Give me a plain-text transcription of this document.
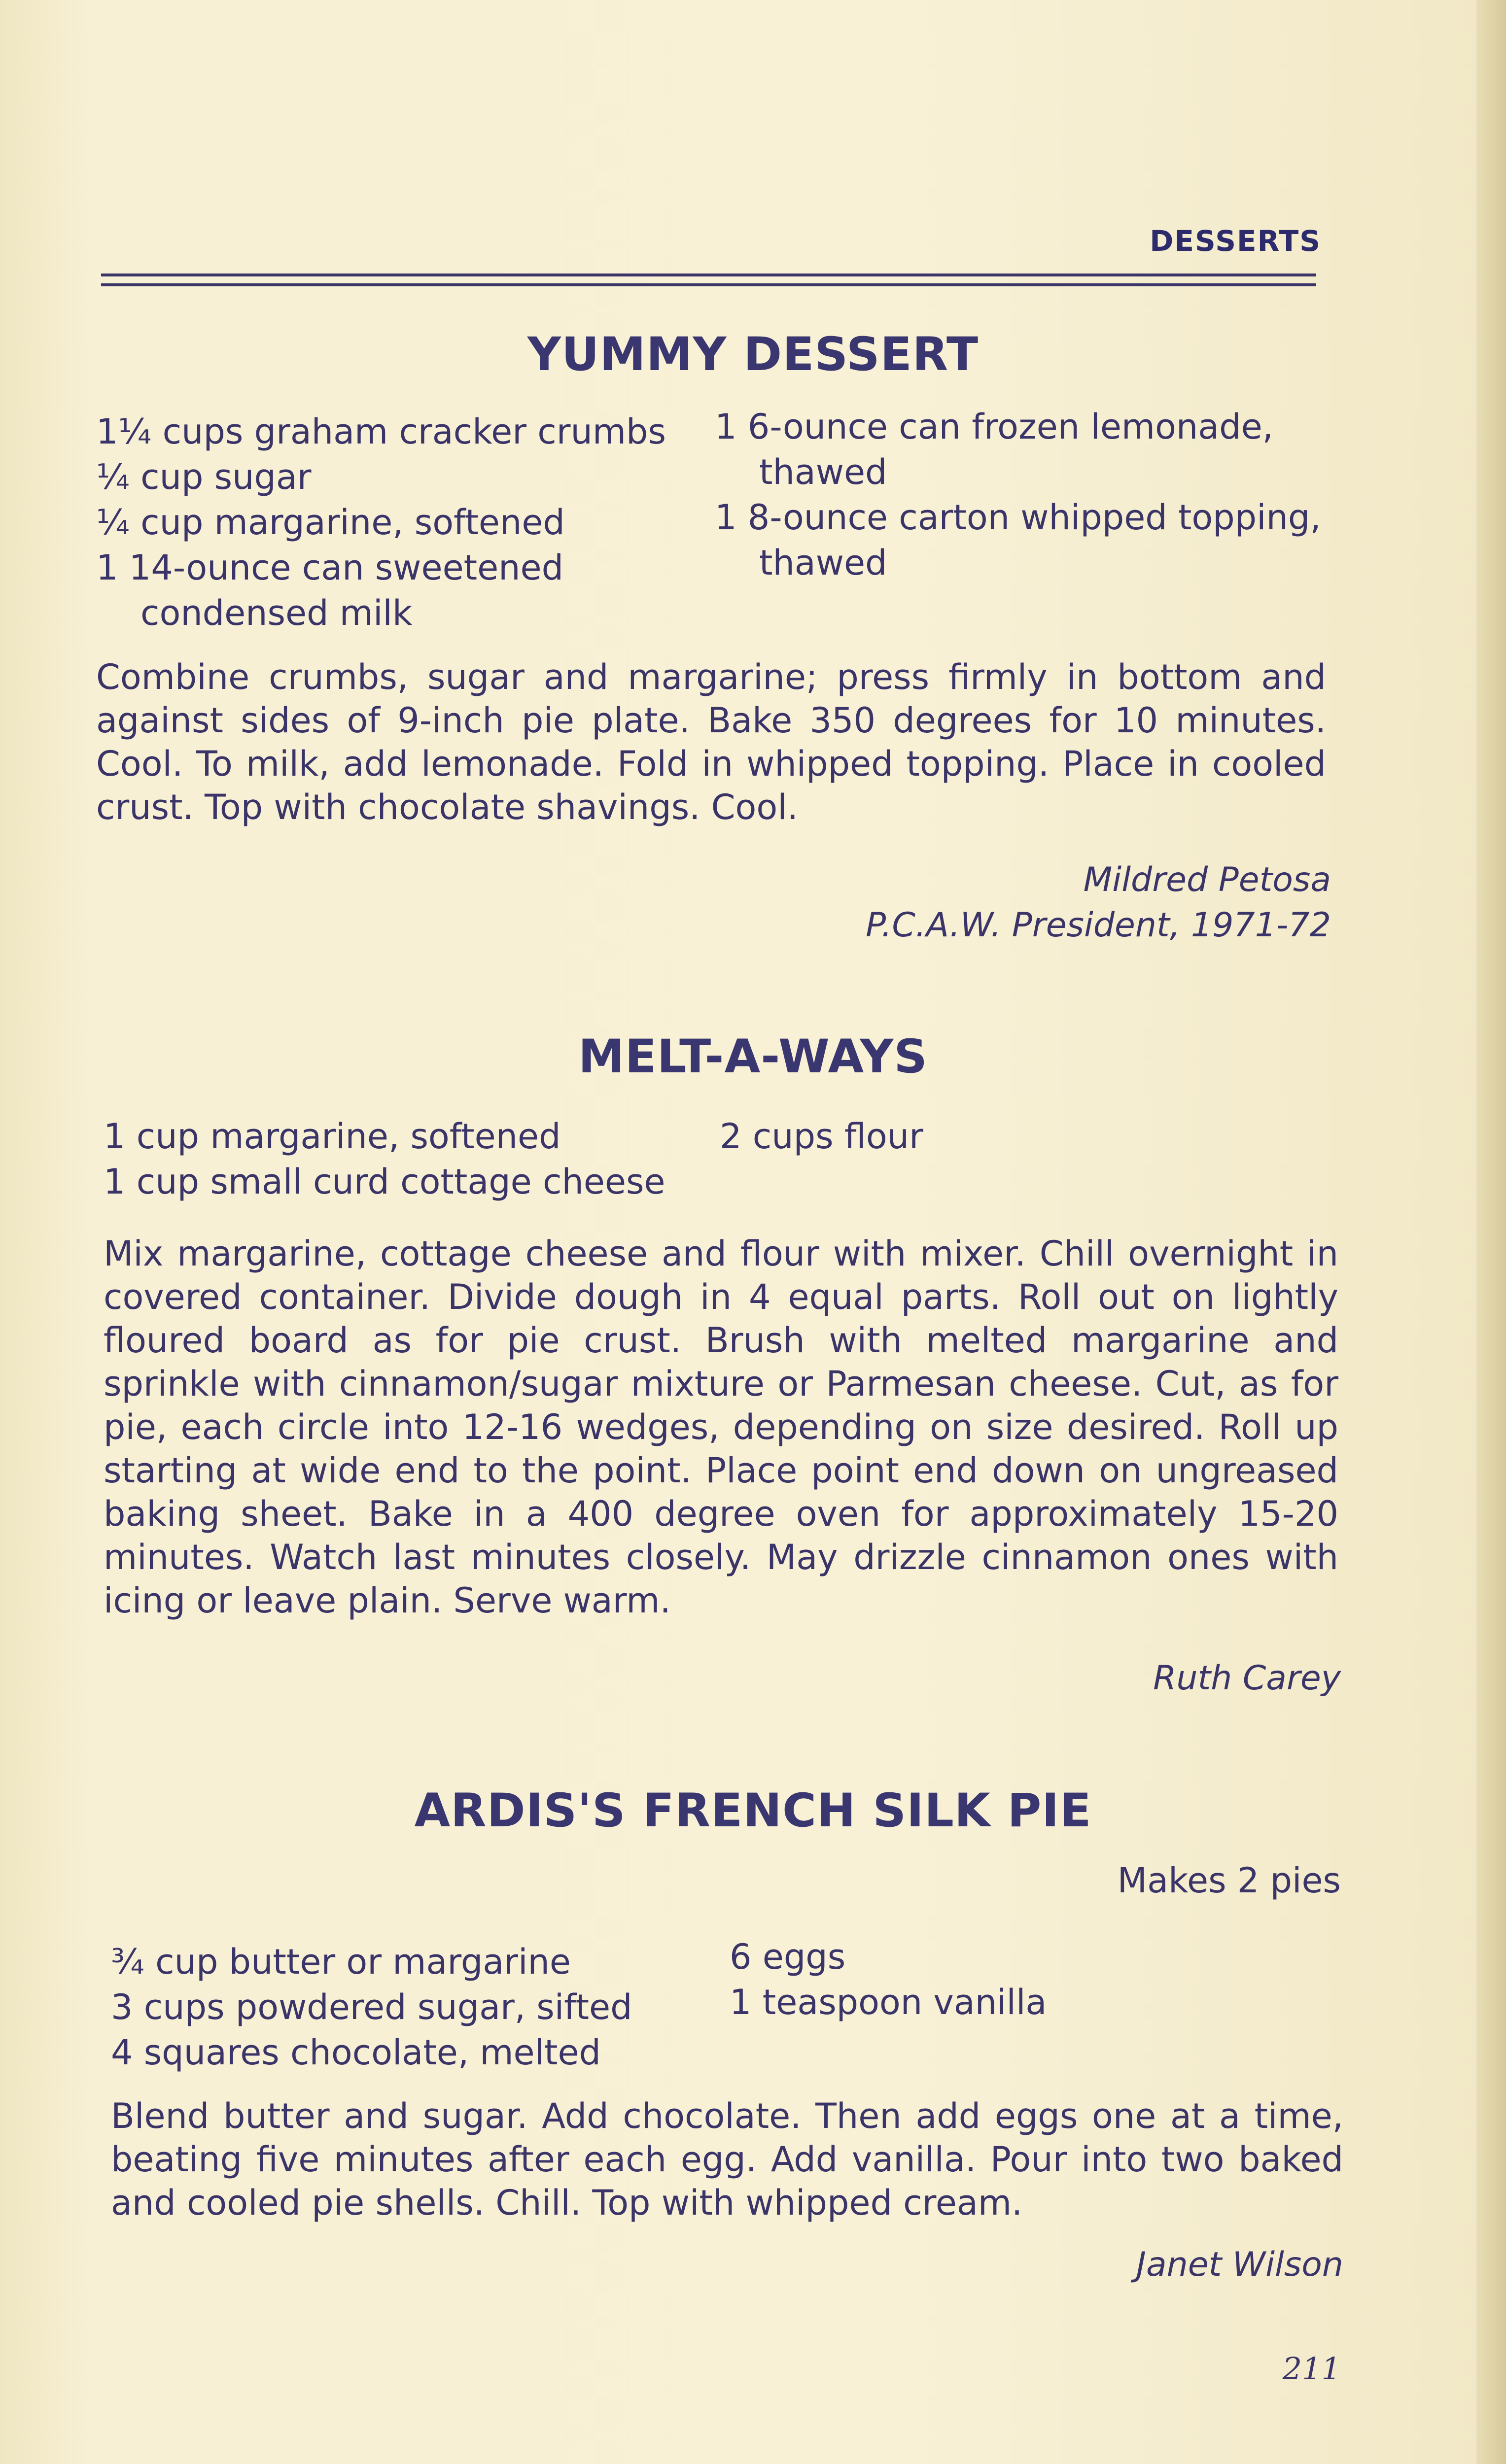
DESSERTS
YUMMY DESSERT
1¼ cups graham cracker crumbs
¼ cup sugar
¼ cup margarine, softened
1 14-ounce can sweetened
condensed milk
1 6-ounce can frozen lemonade,
thawed
1 8-ounce carton whipped topping,
thawed
Combine crumbs, sugar and margarine; press firmly in bottom and against sides of 9-inch pie plate. Bake 350 degrees for 10 minutes. Cool. To milk, add lemonade. Fold in whipped topping. Place in cooled crust. Top with chocolate shavings. Cool.
Mildred Petosa
P.C.A.W. President, 1971-72
MELT-A-WAYS
1 cup margarine, softened
1 cup small curd cottage cheese
2 cups flour
Mix margarine, cottage cheese and flour with mixer. Chill overnight in covered container. Divide dough in 4 equal parts. Roll out on lightly floured board as for pie crust. Brush with melted margarine and sprinkle with cinnamon/sugar mixture or Parmesan cheese. Cut, as for pie, each circle into 12-16 wedges, depending on size desired. Roll up starting at wide end to the point. Place point end down on ungreased baking sheet. Bake in a 400 degree oven for approximately 15-20 minutes. Watch last minutes closely. May drizzle cinnamon ones with icing or leave plain. Serve warm.
Ruth Carey
ARDIS'S FRENCH SILK PIE
Makes 2 pies
¾ cup butter or margarine
3 cups powdered sugar, sifted
4 squares chocolate, melted
6 eggs
1 teaspoon vanilla
Blend butter and sugar. Add chocolate. Then add eggs one at a time, beating five minutes after each egg. Add vanilla. Pour into two baked and cooled pie shells. Chill. Top with whipped cream.
Janet Wilson
211
